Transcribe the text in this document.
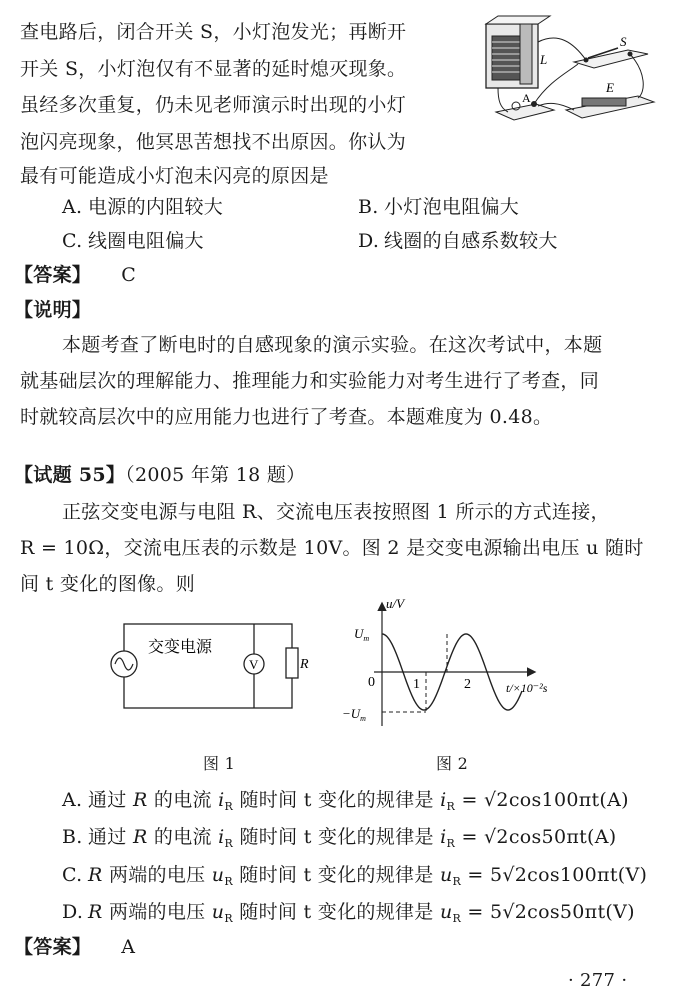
查电路后，闭合开关 S，小灯泡发光；再断开
开关 S，小灯泡仅有不显著的延时熄灭现象。
虽经多次重复，仍未见老师演示时出现的小灯
泡闪亮现象，他冥思苦想找不出原因。你认为
最有可能造成小灯泡未闪亮的原因是
L
S
A
E
A. 电源的内阻较大	B. 小灯泡电阻偏大
C. 线圈电阻偏大	D. 线圈的自感系数较大
【答案】 C
【说明】
本题考查了断电时的自感现象的演示实验。在这次考试中，本题
就基础层次的理解能力、推理能力和实验能力对考生进行了考查，同
时就较高层次中的应用能力也进行了考查。本题难度为 0.48。
【试题 55】（2005 年第 18 题）
正弦交变电源与电阻 R、交流电压表按照图 1 所示的方式连接，
R = 10Ω，交流电压表的示数是 10V。图 2 是交变电源输出电压 u 随时
间 t 变化的图像。则
交变电源
V	R
图 1
u/V
$U_m$
0
$-U_m$
1	2	t/×10⁻²s
图 2
A. 通过 R 的电流 $i_R$ 随时间 t 变化的规律是 $i_R = √2\cos 100\pi t(A)$
B. 通过 R 的电流 $i_R$ 随时间 t 变化的规律是 $i_R = √2\cos 50\pi t(A)$
C. R 两端的电压 $u_R$ 随时间 t 变化的规律是 $u_R = 5√2\cos 100\pi t(V)$
D. R 两端的电压 $u_R$ 随时间 t 变化的规律是 $u_R = 5√2\cos 50\pi t(V)$
【答案】 A
· 277 ·
